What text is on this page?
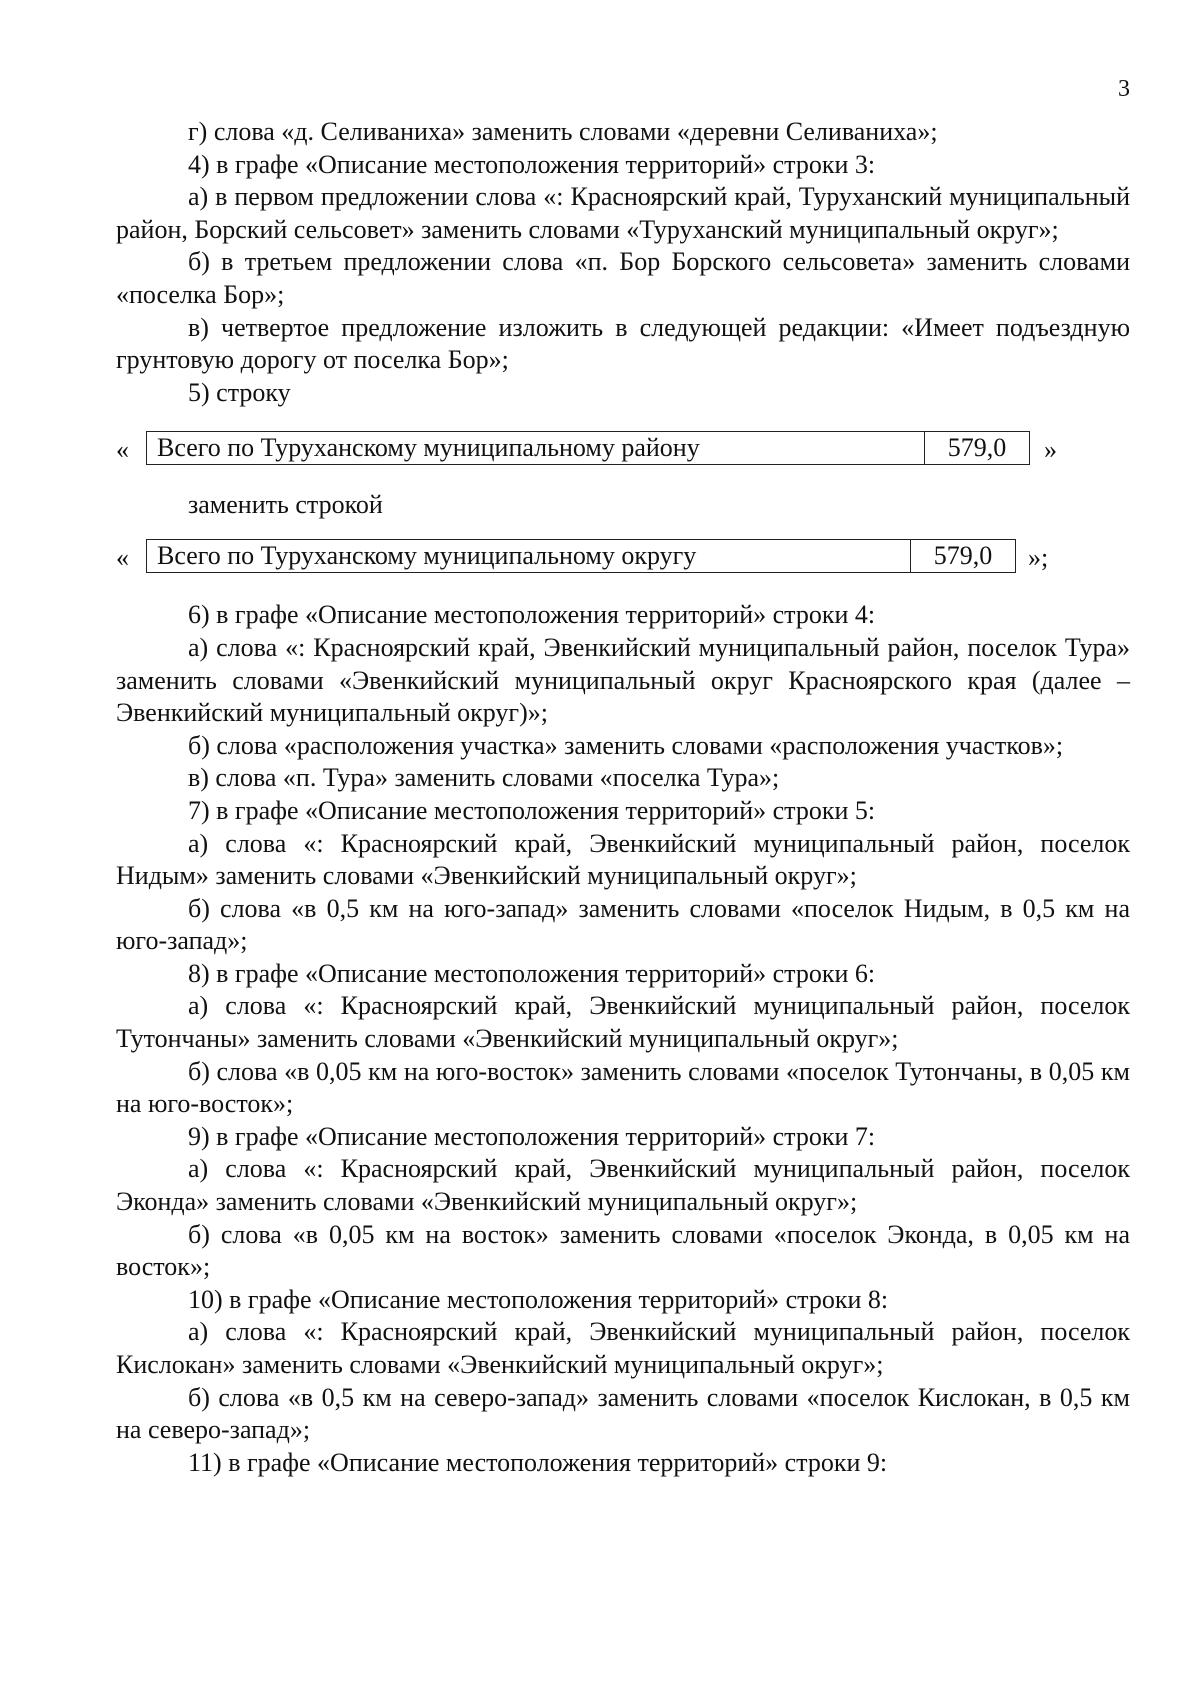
3

г) слова «д. Селиваниха» заменить словами «деревни Селиваниха»;

4) в графе «Описание местоположения территорий» строки 3:

а) в первом предложении слова «: Красноярский край, Туруханский муниципальный район, Борский сельсовет» заменить словами «Туруханский муниципальный округ»;

б) в третьем предложении слова «п. Бор Борского сельсовета» заменить словами «поселка Бор»;

в) четвертое предложение изложить в следующей редакции: «Имеет подъездную грунтовую дорогу от поселка Бор»;

5) строку

«	Всего по Туруханскому муниципальному району	579,0	»

заменить строкой

«	Всего по Туруханскому муниципальному округу	579,0	»;

6) в графе «Описание местоположения территорий» строки 4:

а) слова «: Красноярский край, Эвенкийский муниципальный район, поселок Тура» заменить словами «Эвенкийский муниципальный округ Красноярского края (далее – Эвенкийский муниципальный округ)»;

б) слова «расположения участка» заменить словами «расположения участков»;

в) слова «п. Тура» заменить словами «поселка Тура»;

7) в графе «Описание местоположения территорий» строки 5:

а) слова «: Красноярский край, Эвенкийский муниципальный район, поселок Нидым» заменить словами «Эвенкийский муниципальный округ»;

б) слова «в 0,5 км на юго-запад» заменить словами «поселок Нидым, в 0,5 км на юго-запад»;

8) в графе «Описание местоположения территорий» строки 6:

а) слова «: Красноярский край, Эвенкийский муниципальный район, поселок Тутончаны» заменить словами «Эвенкийский муниципальный округ»;

б) слова «в 0,05 км на юго-восток» заменить словами «поселок Тутончаны, в 0,05 км на юго-восток»;

9) в графе «Описание местоположения территорий» строки 7:

а) слова «: Красноярский край, Эвенкийский муниципальный район, поселок Эконда» заменить словами «Эвенкийский муниципальный округ»;

б) слова «в 0,05 км на восток» заменить словами «поселок Эконда, в 0,05 км на восток»;

10) в графе «Описание местоположения территорий» строки 8:

а) слова «: Красноярский край, Эвенкийский муниципальный район, поселок Кислокан» заменить словами «Эвенкийский муниципальный округ»;

б) слова «в 0,5 км на северо-запад» заменить словами «поселок Кислокан, в 0,5 км на северо-запад»;

11) в графе «Описание местоположения территорий» строки 9:
